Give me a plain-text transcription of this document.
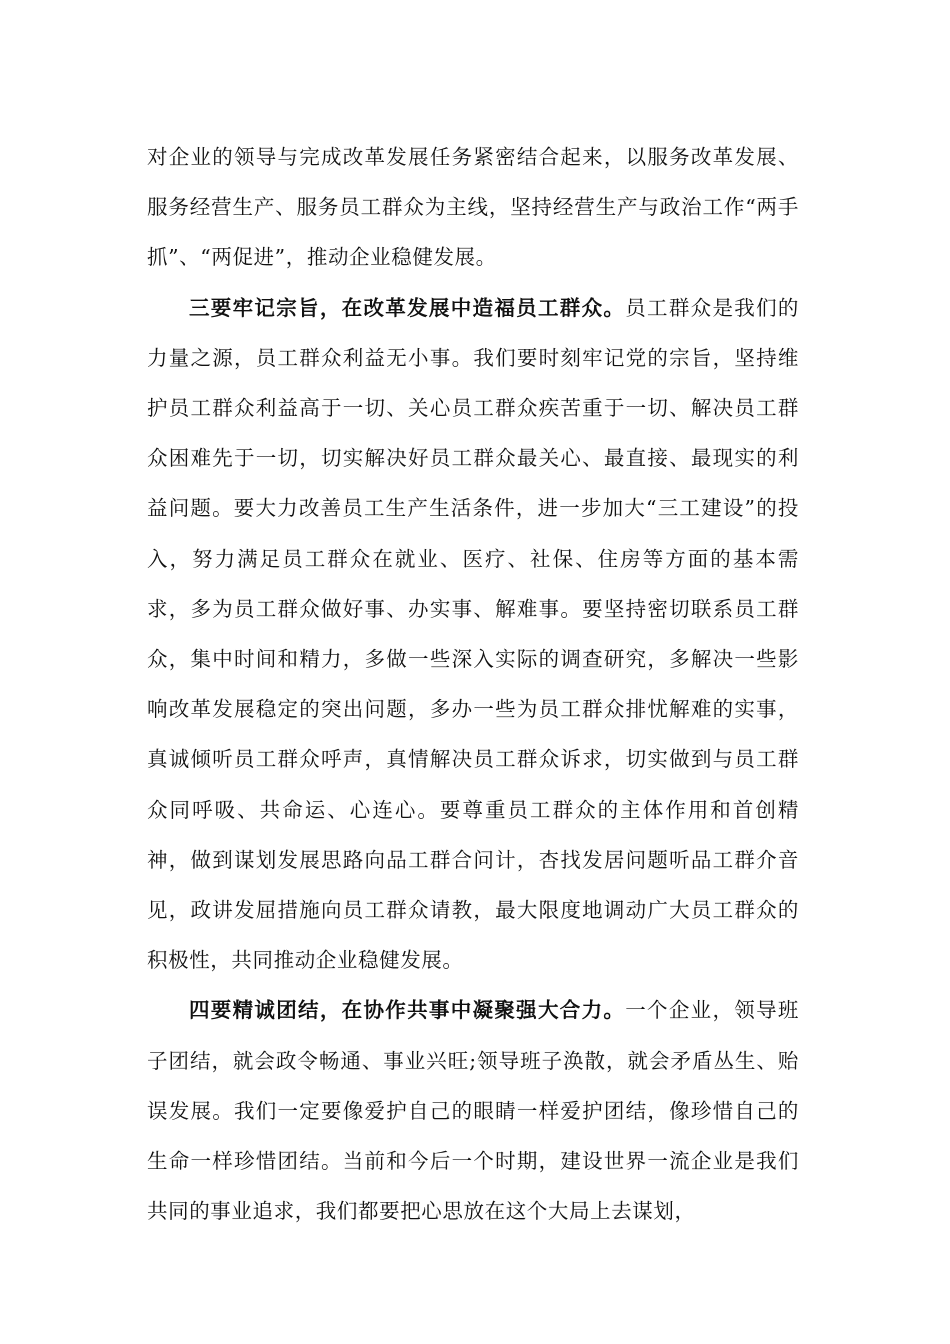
对企业的领导与完成改革发展任务紧密结合起来，以服务改革发展、服务经营生产、服务员工群众为主线，坚持经营生产与政治工作“两手抓”、“两促进”，推动企业稳健发展。

三要牢记宗旨，在改革发展中造福员工群众。员工群众是我们的力量之源，员工群众利益无小事。我们要时刻牢记党的宗旨，坚持维护员工群众利益高于一切、关心员工群众疾苦重于一切、解决员工群众困难先于一切，切实解决好员工群众最关心、最直接、最现实的利益问题。要大力改善员工生产生活条件，进一步加大“三工建设”的投入，努力满足员工群众在就业、医疗、社保、住房等方面的基本需求，多为员工群众做好事、办实事、解难事。要坚持密切联系员工群众，集中时间和精力，多做一些深入实际的调查研究，多解决一些影响改革发展稳定的突出问题，多办一些为员工群众排忧解难的实事，真诚倾听员工群众呼声，真情解决员工群众诉求，切实做到与员工群众同呼吸、共命运、心连心。要尊重员工群众的主体作用和首创精神，做到谋划发展思路向品工群合问计，杏找发居问题听品工群介音见，政讲发屈措施向员工群众请教，最大限度地调动广大员工群众的积极性，共同推动企业稳健发展。

四要精诚团结，在协作共事中凝聚强大合力。一个企业，领导班子团结，就会政令畅通、事业兴旺;领导班子涣散，就会矛盾丛生、贻误发展。我们一定要像爱护自己的眼睛一样爱护团结，像珍惜自己的生命一样珍惜团结。当前和今后一个时期，建设世界一流企业是我们共同的事业追求，我们都要把心思放在这个大局上去谋划，
